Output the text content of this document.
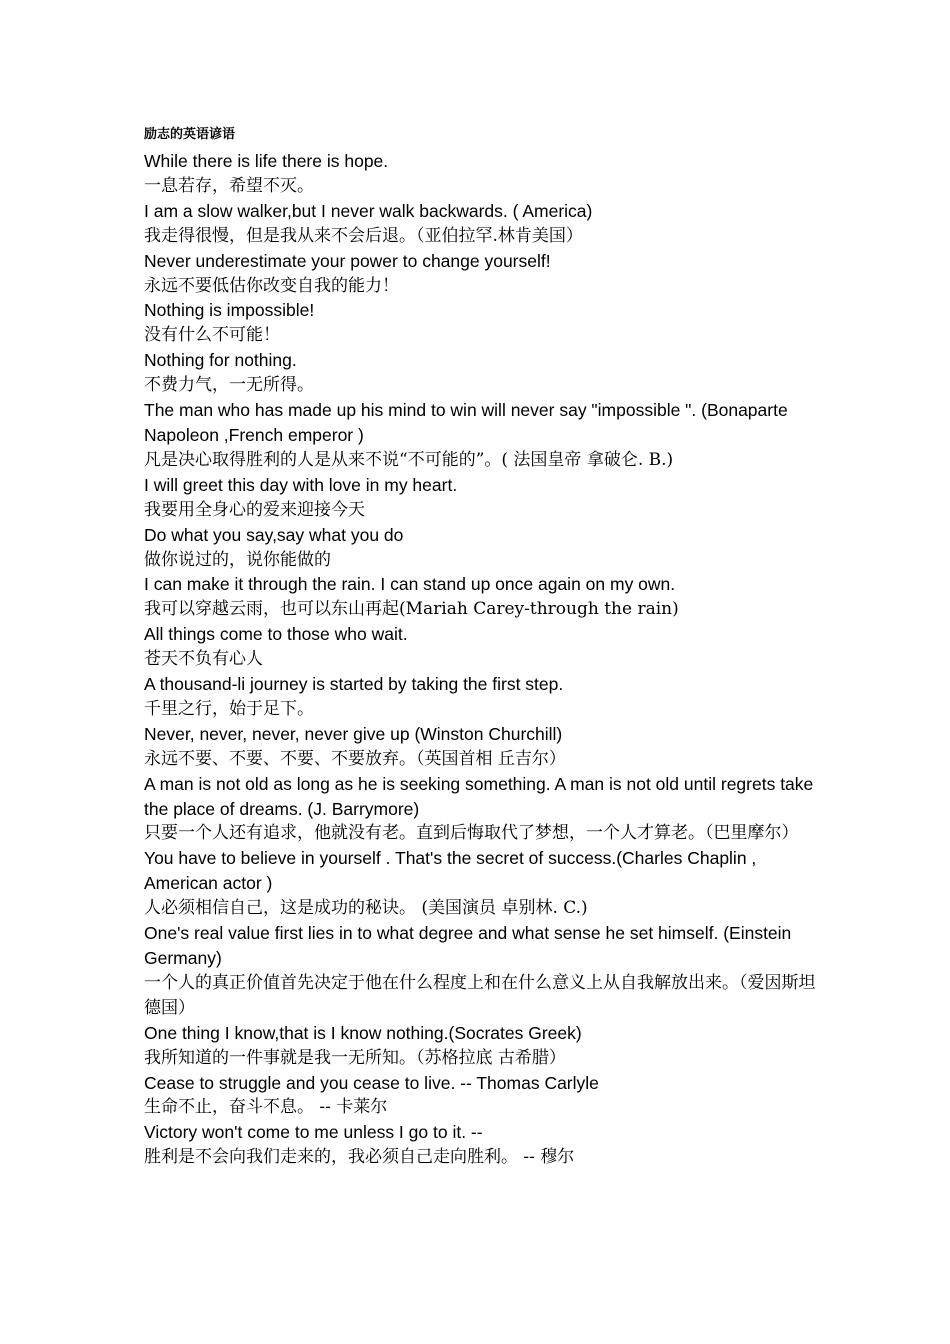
励志的英语谚语
While there is life there is hope.
一息若存，希望不灭。
I am a slow walker,but I never walk backwards. ( America)
我走得很慢，但是我从来不会后退。（亚伯拉罕.林肯美国）
Never underestimate your power to change yourself!
永远不要低估你改变自我的能力！
Nothing is impossible!
没有什么不可能！
Nothing for nothing.
不费力气，一无所得。
The man who has made up his mind to win will never say "impossible ". (Bonaparte Napoleon ,French emperor )
凡是决心取得胜利的人是从来不说“不可能的”。( 法国皇帝 拿破仑. B.)
I will greet this day with love in my heart.
我要用全身心的爱来迎接今天
Do what you say,say what you do
做你说过的，说你能做的
I can make it through the rain. I can stand up once again on my own.
我可以穿越云雨，也可以东山再起(Mariah Carey-through the rain)
All things come to those who wait.
苍天不负有心人
A thousand-li journey is started by taking the first step.
千里之行，始于足下。
Never, never, never, never give up (Winston Churchill)
永远不要、不要、不要、不要放弃。（英国首相 丘吉尔）
A man is not old as long as he is seeking something. A man is not old until regrets take the place of dreams. (J. Barrymore)
只要一个人还有追求，他就没有老。直到后悔取代了梦想，一个人才算老。（巴里摩尔）
You have to believe in yourself . That's the secret of success.(Charles Chaplin , American actor )
人必须相信自己，这是成功的秘诀。 (美国演员 卓别林. C.)
One's real value first lies in to what degree and what sense he set himself. (Einstein Germany)
一个人的真正价值首先决定于他在什么程度上和在什么意义上从自我解放出来。（爱因斯坦 德国）
One thing I know,that is I know nothing.(Socrates Greek)
我所知道的一件事就是我一无所知。（苏格拉底 古希腊）
Cease to struggle and you cease to live. -- Thomas Carlyle
生命不止，奋斗不息。 -- 卡莱尔
Victory won't come to me unless I go to it. --
胜利是不会向我们走来的，我必须自己走向胜利。 -- 穆尔
